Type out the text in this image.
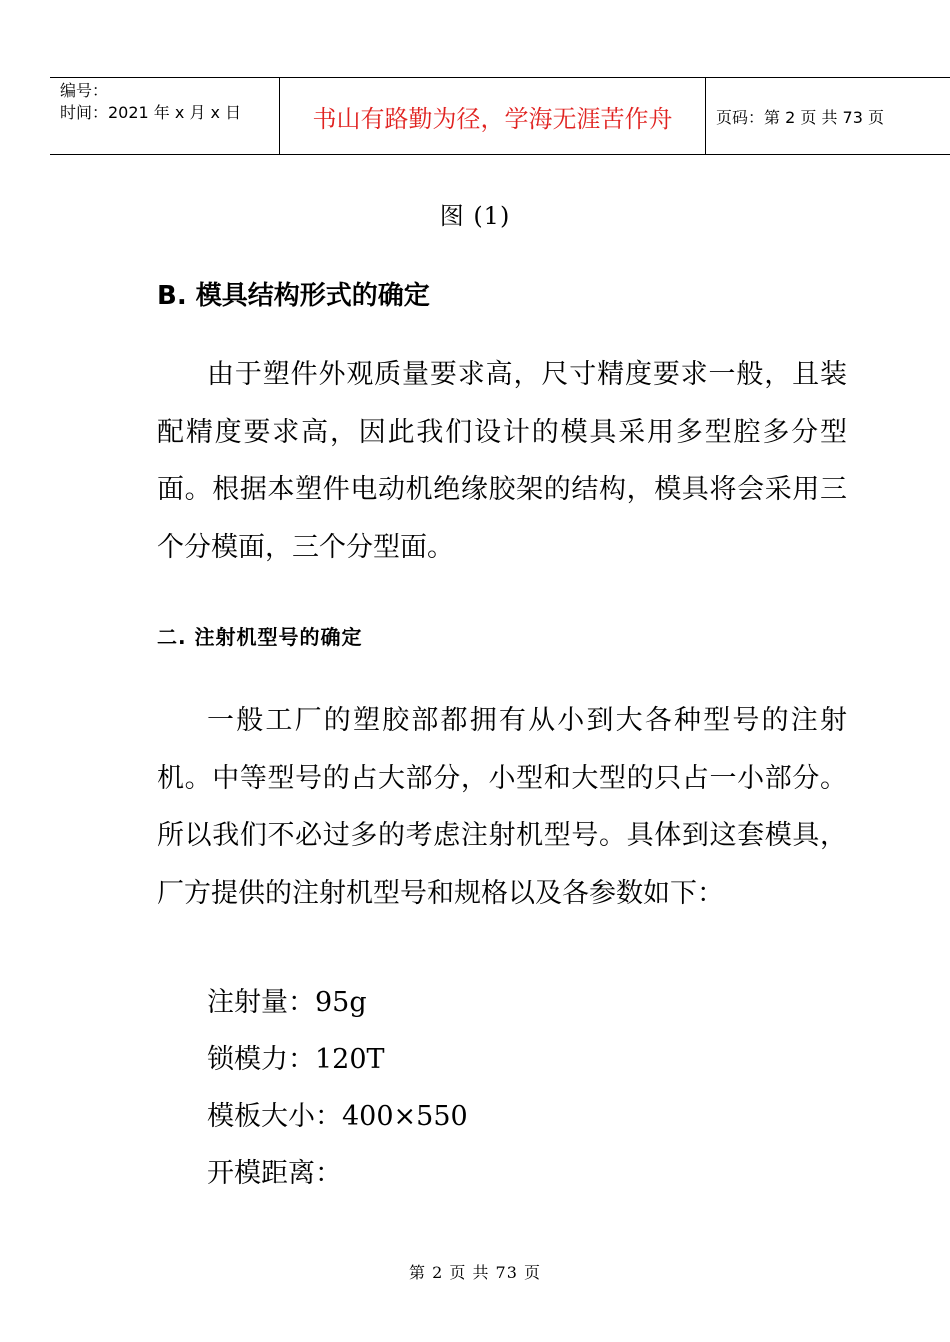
编号：
时间：2021 年 x 月 x 日	书山有路勤为径，学海无涯苦作舟	页码：第 2 页 共 73 页
图 (1)
B. 模具结构形式的确定

由于塑件外观质量要求高，尺寸精度要求一般，且装配精度要求高，因此我们设计的模具采用多型腔多分型面。根据本塑件电动机绝缘胶架的结构，模具将会采用三个分模面，三个分型面。

二. 注射机型号的确定

一般工厂的塑胶部都拥有从小到大各种型号的注射机。中等型号的占大部分，小型和大型的只占一小部分。所以我们不必过多的考虑注射机型号。具体到这套模具，厂方提供的注射机型号和规格以及各参数如下：

注射量：95g
锁模力：120T
模板大小：400×550
开模距离：
第 2 页 共 73 页
